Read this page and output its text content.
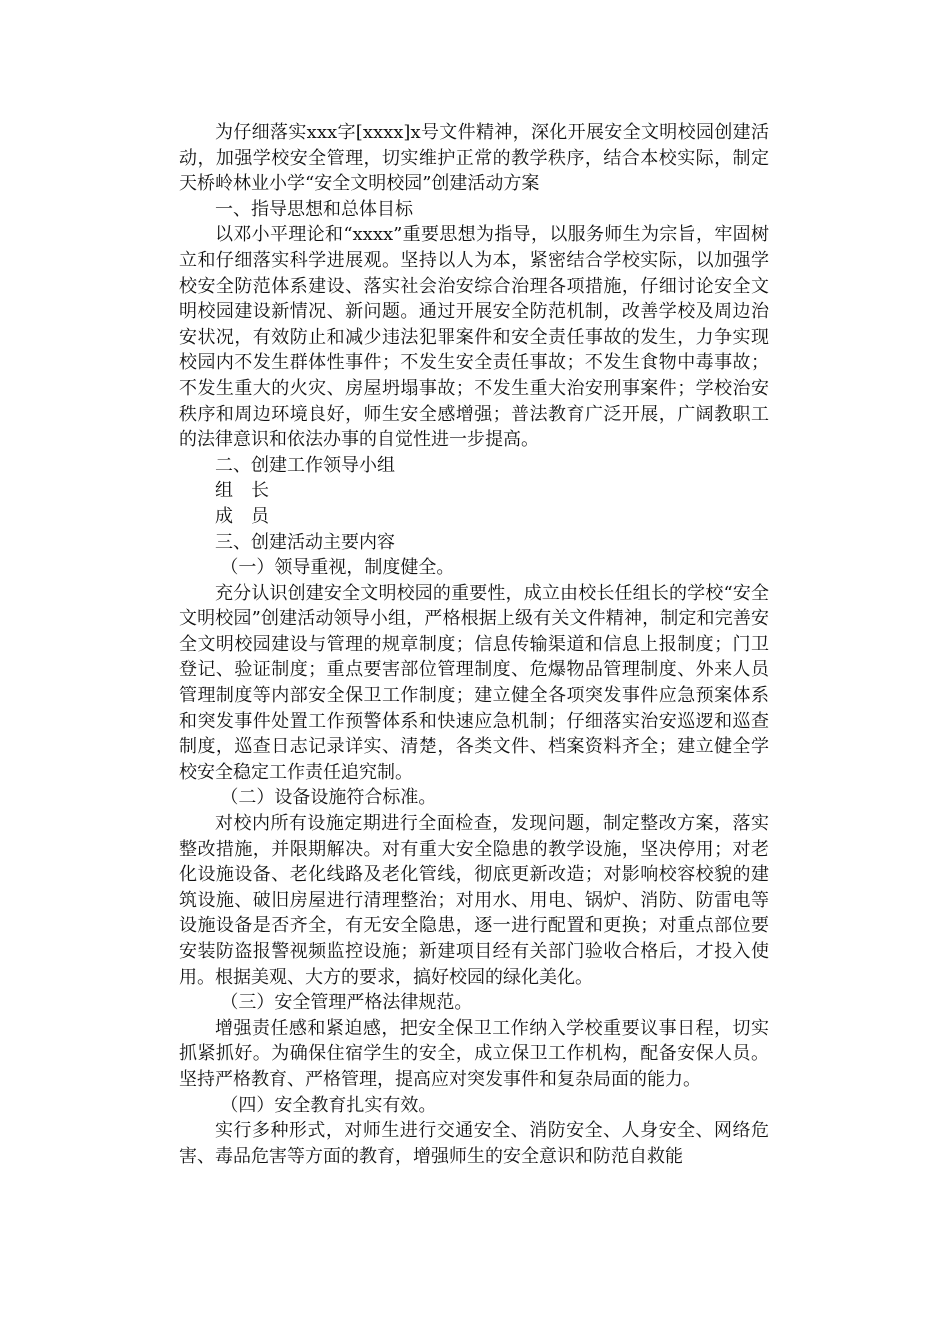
为仔细落实xxx字[xxxx]x号文件精神，深化开展安全文明校园创建活动，加强学校安全管理，切实维护正常的教学秩序，结合本校实际，制定天桥岭林业小学“安全文明校园”创建活动方案

一、指导思想和总体目标

以邓小平理论和“xxxx”重要思想为指导，以服务师生为宗旨，牢固树立和仔细落实科学进展观。坚持以人为本，紧密结合学校实际，以加强学校安全防范体系建设、落实社会治安综合治理各项措施，仔细讨论安全文明校园建设新情况、新问题。通过开展安全防范机制，改善学校及周边治安状况，有效防止和减少违法犯罪案件和安全责任事故的发生，力争实现校园内不发生群体性事件；不发生安全责任事故；不发生食物中毒事故；不发生重大的火灾、房屋坍塌事故；不发生重大治安刑事案件；学校治安秩序和周边环境良好，师生安全感增强；普法教育广泛开展，广阔教职工的法律意识和依法办事的自觉性进一步提高。

二、创建工作领导小组

组　长

成　员

三、创建活动主要内容

（一）领导重视，制度健全。

充分认识创建安全文明校园的重要性，成立由校长任组长的学校“安全文明校园”创建活动领导小组，严格根据上级有关文件精神，制定和完善安全文明校园建设与管理的规章制度；信息传输渠道和信息上报制度；门卫登记、验证制度；重点要害部位管理制度、危爆物品管理制度、外来人员管理制度等内部安全保卫工作制度；建立健全各项突发事件应急预案体系和突发事件处置工作预警体系和快速应急机制；仔细落实治安巡逻和巡查制度，巡查日志记录详实、清楚，各类文件、档案资料齐全；建立健全学校安全稳定工作责任追究制。

（二）设备设施符合标准。

对校内所有设施定期进行全面检查，发现问题，制定整改方案，落实整改措施，并限期解决。对有重大安全隐患的教学设施，坚决停用；对老化设施设备、老化线路及老化管线，彻底更新改造；对影响校容校貌的建筑设施、破旧房屋进行清理整治；对用水、用电、锅炉、消防、防雷电等设施设备是否齐全，有无安全隐患，逐一进行配置和更换；对重点部位要安装防盗报警视频监控设施；新建项目经有关部门验收合格后，才投入使用。根据美观、大方的要求，搞好校园的绿化美化。

（三）安全管理严格法律规范。

增强责任感和紧迫感，把安全保卫工作纳入学校重要议事日程，切实抓紧抓好。为确保住宿学生的安全，成立保卫工作机构，配备安保人员。坚持严格教育、严格管理，提高应对突发事件和复杂局面的能力。

（四）安全教育扎实有效。

实行多种形式，对师生进行交通安全、消防安全、人身安全、网络危害、毒品危害等方面的教育，增强师生的安全意识和防范自救能
